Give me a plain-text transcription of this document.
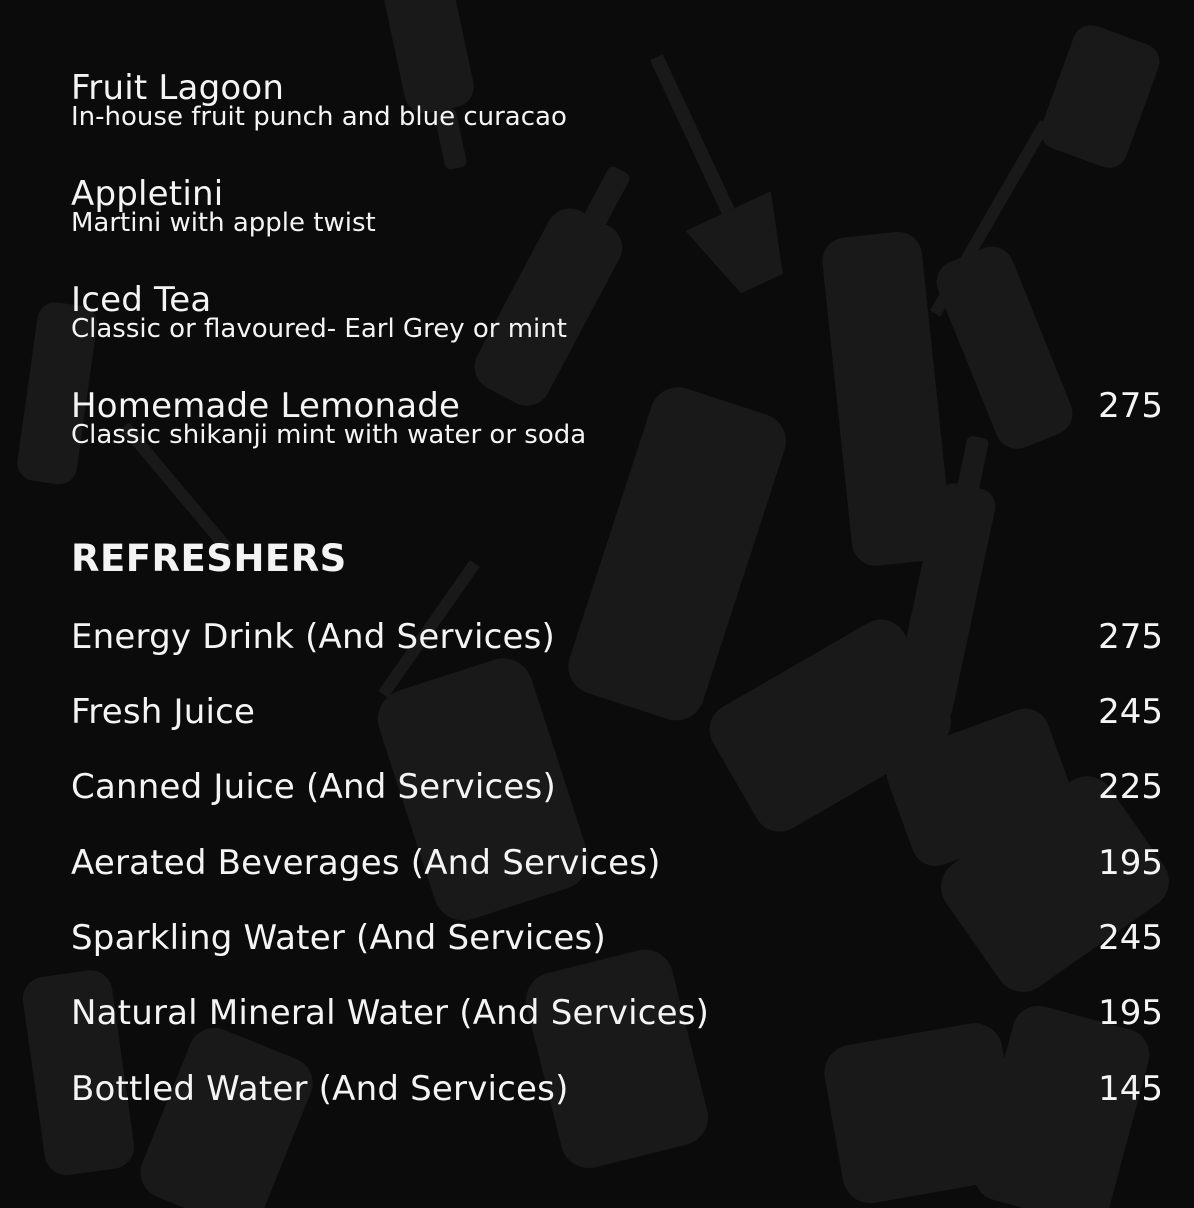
Fruit Lagoon
In-house fruit punch and blue curacao
Appletini
Martini with apple twist
Iced Tea
Classic or flavoured- Earl Grey or mint
Homemade Lemonade
Classic shikanji mint with water or soda
275
REFRESHERS
Energy Drink (And Services)	275
Fresh Juice	245
Canned Juice (And Services)	225
Aerated Beverages (And Services)	195
Sparkling Water (And Services)	245
Natural Mineral Water (And Services)	195
Bottled Water (And Services)	145
